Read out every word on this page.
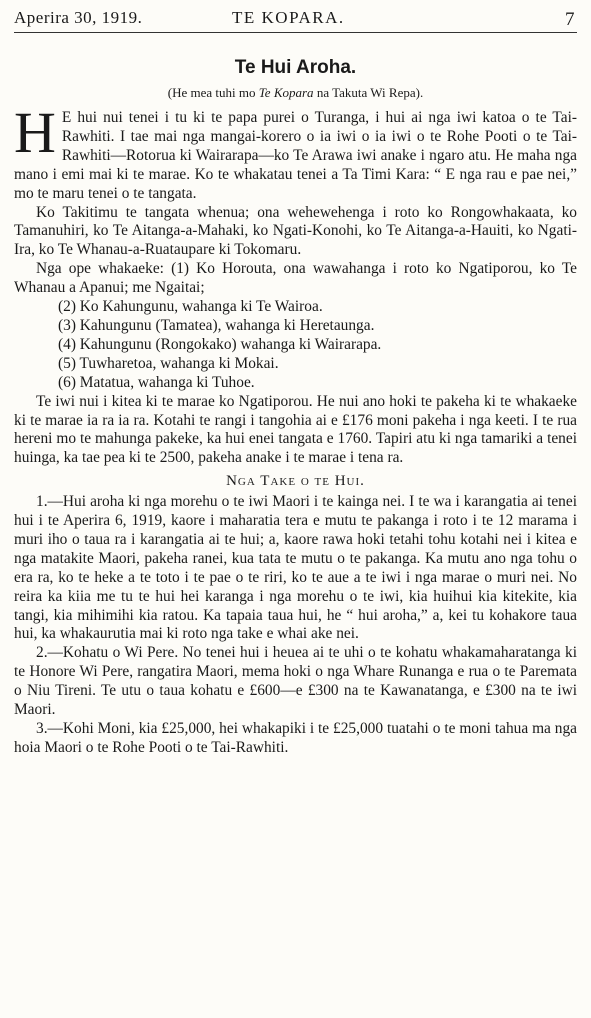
Aperira 30, 1919.	TE KOPARA.	7
Te Hui Aroha.
(He mea tuhi mo Te Kopara na Takuta Wi Repa).

H E hui nui tenei i tu ki te papa purei o Turanga, i hui ai nga iwi katoa o te Tai-Rawhiti. I tae mai nga mangai-korero o ia iwi o ia iwi o te Rohe Pooti o te Tai-Rawhiti—Rotorua ki Wairarapa—ko Te Arawa iwi anake i ngaro atu. He maha nga mano i emi mai ki te marae. Ko te whakatau tenei a Ta Timi Kara: “ E nga rau e pae nei,” mo te maru tenei o te tangata.

Ko Takitimu te tangata whenua; ona wehewehenga i roto ko Rongowhakaata, ko Tamanuhiri, ko Te Aitanga-a-Mahaki, ko Ngati-Konohi, ko Te Aitanga-a-Hauiti, ko Ngati-Ira, ko Te Whanau-a-Ruataupare ki Tokomaru.

Nga ope whakaeke: (1) Ko Horouta, ona wawahanga i roto ko Ngatiporou, ko Te Whanau a Apanui; me Ngaitai;

(2) Ko Kahungunu, wahanga ki Te Wairoa.

(3) Kahungunu (Tamatea), wahanga ki Heretaunga.

(4) Kahungunu (Rongokako) wahanga ki Wairarapa.

(5) Tuwharetoa, wahanga ki Mokai.

(6) Matatua, wahanga ki Tuhoe.

Te iwi nui i kitea ki te marae ko Ngatiporou. He nui ano hoki te pakeha ki te whakaeke ki te marae ia ra ia ra. Kotahi te rangi i tangohia ai e £176 moni pakeha i nga keeti. I te rua hereni mo te mahunga pakeke, ka hui enei tangata e 1760. Tapiri atu ki nga tamariki a tenei huinga, ka tae pea ki te 2500, pakeha anake i te marae i tena ra.

Nga Take o te Hui.

1.—Hui aroha ki nga morehu o te iwi Maori i te kainga nei. I te wa i karangatia ai tenei hui i te Aperira 6, 1919, kaore i maharatia tera e mutu te pakanga i roto i te 12 marama i muri iho o taua ra i karangatia ai te hui; a, kaore rawa hoki tetahi tohu kotahi nei i kitea e nga matakite Maori, pakeha ranei, kua tata te mutu o te pakanga. Ka mutu ano nga tohu o era ra, ko te heke a te toto i te pae o te riri, ko te aue a te iwi i nga marae o muri nei. No reira ka kiia me tu te hui hei karanga i nga morehu o te iwi, kia huihui kia kitekite, kia tangi, kia mihimihi kia ratou. Ka tapaia taua hui, he “ hui aroha,” a, kei tu kohakore taua hui, ka whakaurutia mai ki roto nga take e whai ake nei.

2.—Kohatu o Wi Pere. No tenei hui i heuea ai te uhi o te kohatu whakamaharatanga ki te Honore Wi Pere, rangatira Maori, mema hoki o nga Whare Runanga e rua o te Paremata o Niu Tireni. Te utu o taua kohatu e £600—e £300 na te Kawanatanga, e £300 na te iwi Maori.

3.—Kohi Moni, kia £25,000, hei whakapiki i te £25,000 tuatahi o te moni tahua ma nga hoia Maori o te Rohe Pooti o te Tai-Rawhiti.
